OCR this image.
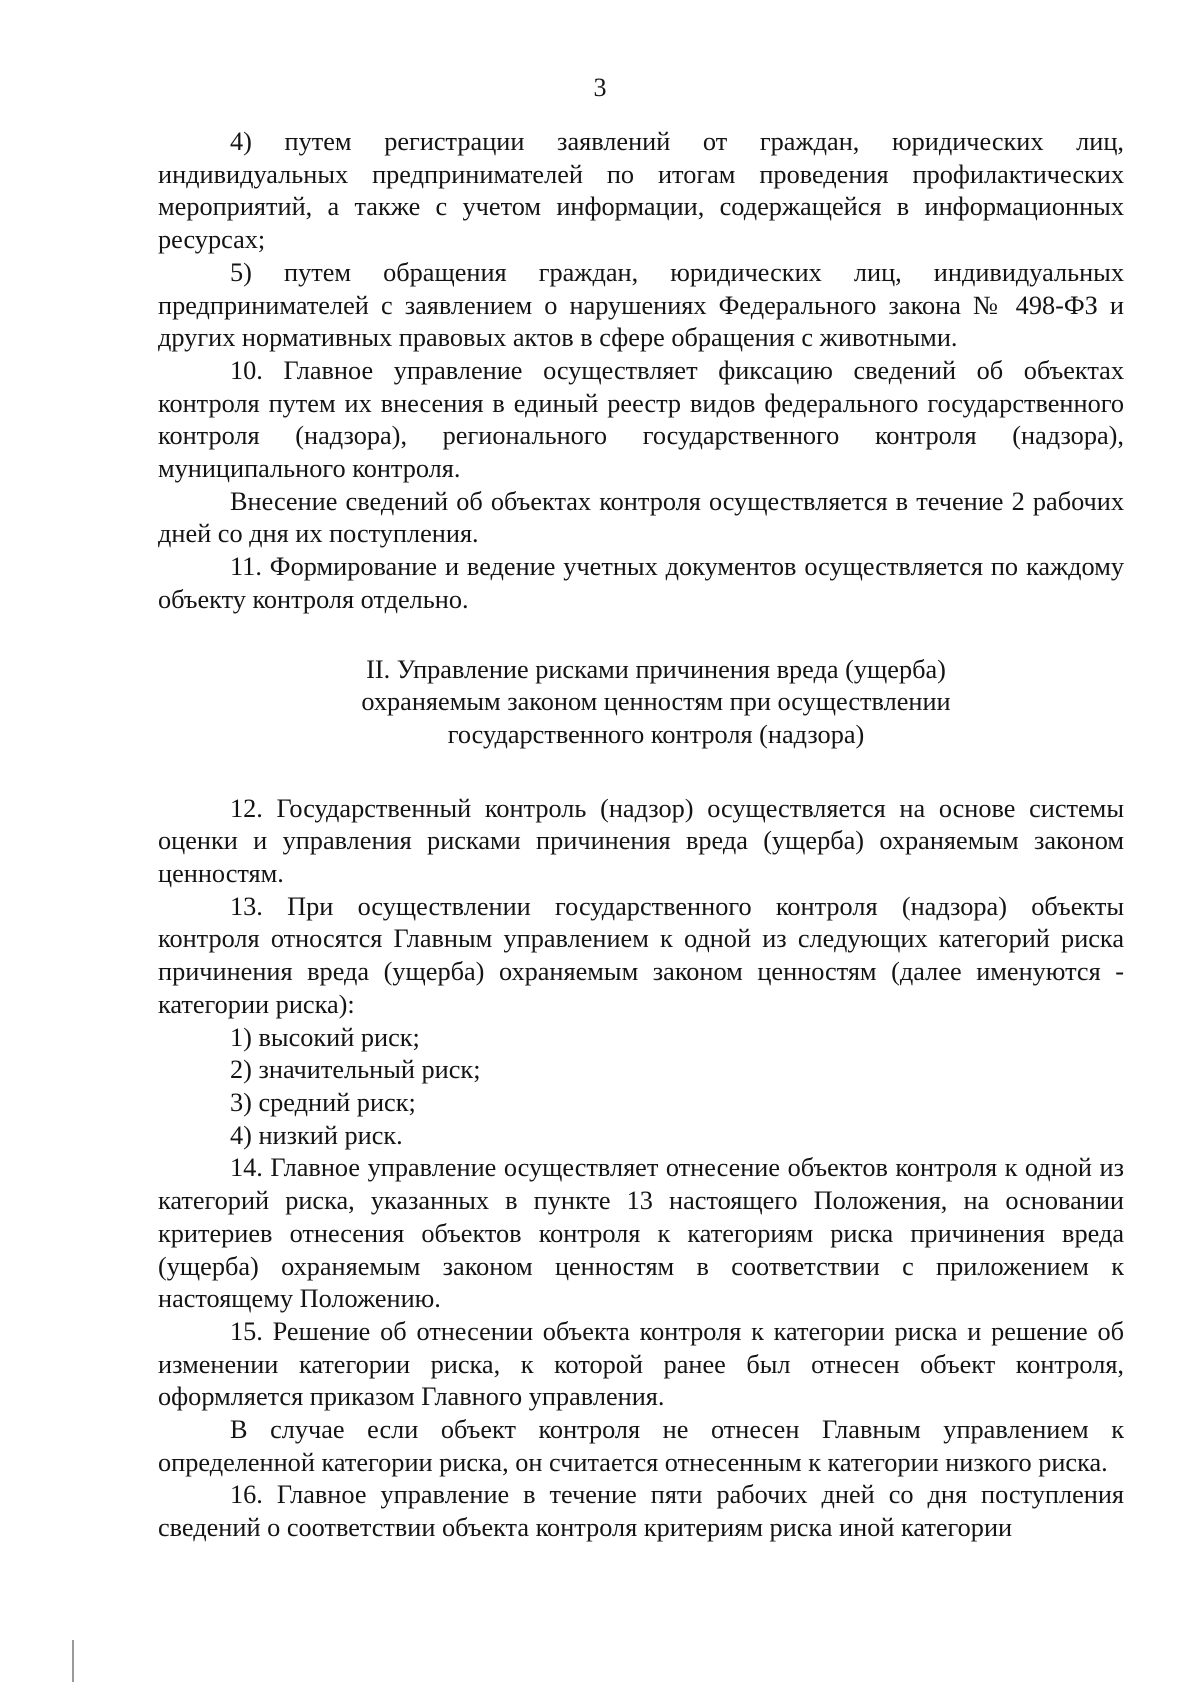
3

4) путем регистрации заявлений от граждан, юридических лиц, индивидуальных предпринимателей по итогам проведения профилактических мероприятий, а также с учетом информации, содержащейся в информационных ресурсах;

5) путем обращения граждан, юридических лиц, индивидуальных предпринимателей с заявлением о нарушениях Федерального закона № 498-ФЗ и других нормативных правовых актов в сфере обращения с животными.

10. Главное управление осуществляет фиксацию сведений об объектах контроля путем их внесения в единый реестр видов федерального государственного контроля (надзора), регионального государственного контроля (надзора), муниципального контроля.

Внесение сведений об объектах контроля осуществляется в течение 2 рабочих дней со дня их поступления.

11. Формирование и ведение учетных документов осуществляется по каждому объекту контроля отдельно.

II. Управление рисками причинения вреда (ущерба)
охраняемым законом ценностям при осуществлении
государственного контроля (надзора)

12. Государственный контроль (надзор) осуществляется на основе системы оценки и управления рисками причинения вреда (ущерба) охраняемым законом ценностям.

13. При осуществлении государственного контроля (надзора) объекты контроля относятся Главным управлением к одной из следующих категорий риска причинения вреда (ущерба) охраняемым законом ценностям (далее именуются - категории риска):

1) высокий риск;

2) значительный риск;

3) средний риск;

4) низкий риск.

14. Главное управление осуществляет отнесение объектов контроля к одной из категорий риска, указанных в пункте 13 настоящего Положения, на основании критериев отнесения объектов контроля к категориям риска причинения вреда (ущерба) охраняемым законом ценностям в соответствии с приложением к настоящему Положению.

15. Решение об отнесении объекта контроля к категории риска и решение об изменении категории риска, к которой ранее был отнесен объект контроля, оформляется приказом Главного управления.

В случае если объект контроля не отнесен Главным управлением к определенной категории риска, он считается отнесенным к категории низкого риска.

16. Главное управление в течение пяти рабочих дней со дня поступления сведений о соответствии объекта контроля критериям риска иной категории
